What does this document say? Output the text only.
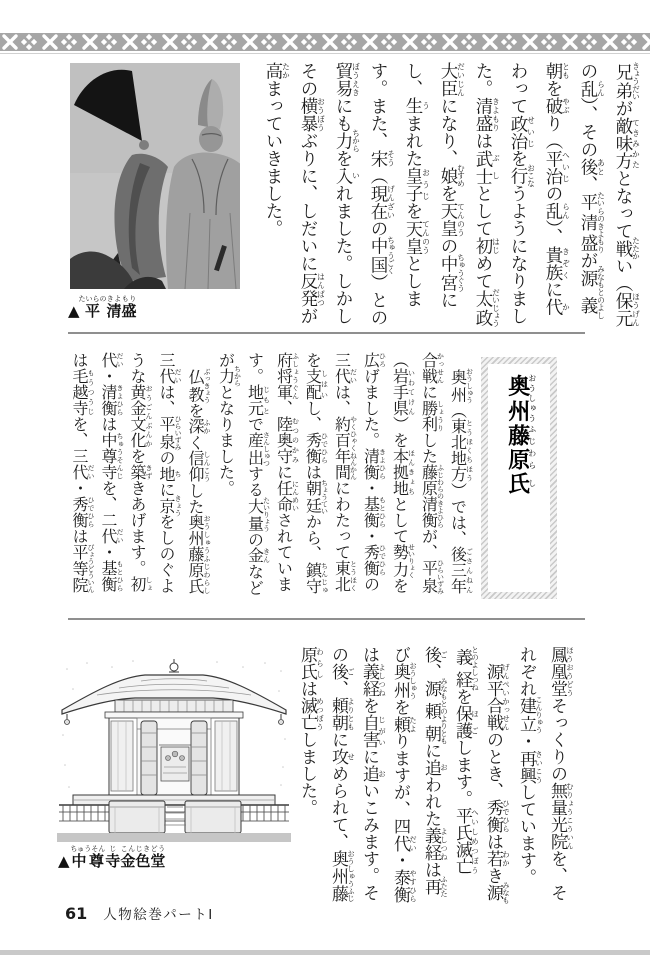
▲平たいらの清盛きよもり

兄弟きょうだいが敵味方てきみかたとなって戦たたかい（保元ほうげんの乱らん）、その後あと、平清盛たいらのきよもりが源義朝みなもとのよしともを破やぶり（平治へいじの乱らん）、貴族きぞくに代かわって政治せいじを行おこなうようになりました。清盛きよもりは武士ぶしとして初はじめて太政大臣だいじょうだいじんになり、娘むすめを天皇てんのうの中宮ちゅうぐうにし、生うまれた皇子おうじを天皇てんのうとします。また、宋そう（現在げんざいの中国ちゅうごく）との貿易ぼうえきにも力ちからを入いれました。しかしその横暴おうぼうぶりに、しだいに反発はんぱつが高たかまっていきました。

奥州おうしゅう藤原ふじわら氏し

奥州おうしゅう（東北地方とうほくちほう）では、後三年ごさんねん合戦かっせんに勝利しょうりした藤原清衡ふじわらのきよひらが、平泉ひらいずみ（岩手県いわてけん）を本拠地ほんきょちとして勢力せいりょくを広ひろげました。清衡きよひら・基衡もとひら・秀衡ひでひらの三代だいは、約百年間やくひゃくねんかんにわたって東北とうほくを支配しはいし、秀衡ひでひらは朝廷ちょうていから、鎮守ちんじゅ府将軍ふしょうぐん、陸奥守むつのかみに任命にんめいされています。地元じもとで産出さんしゅつする大量たいりょうの金きんなどが力ちからとなりました。

仏教ぶっきょうを深ふかく信仰しんこうした奥州藤原氏おうしゅうふじわらし三代だいは、平泉ひらいずみの地ちに京きょうをしのぐような黄金文化おうごんぶんかを築きずきあげます。初しょ代だい・清衡きよひらは中尊寺ちゅうそんじを、二代だい・基衡もとひらは毛越寺もうつうじを、三代だい・秀衡ひでひらは平等院びょうどういん

▲中尊ちゅうそん寺じ金色堂こんじきどう

鳳凰堂ほうおうどうそっくりの無量光院むりょうこういんを、それぞれ建立こんりゅう・再興さいこうしています。

源平合戦げんぺいかっせんのとき、秀衡ひでひらは若わかき源義経みなもとのよしつねを保護ほごします。平氏滅亡へいしめつぼう後ご、源頼朝みなもとのよりともに追おわれた義経よしつねは再ふたたび奥州おうしゅうを頼たよりますが、四代だい・泰衡やすひらは義経よしつねを自害じがいに追おいこみます。その後ご、頼朝よりともに攻せめられて、奥州藤おうしゅうふじ原氏わらしは滅亡めつぼうしました。

61 人物絵巻パートⅠ
